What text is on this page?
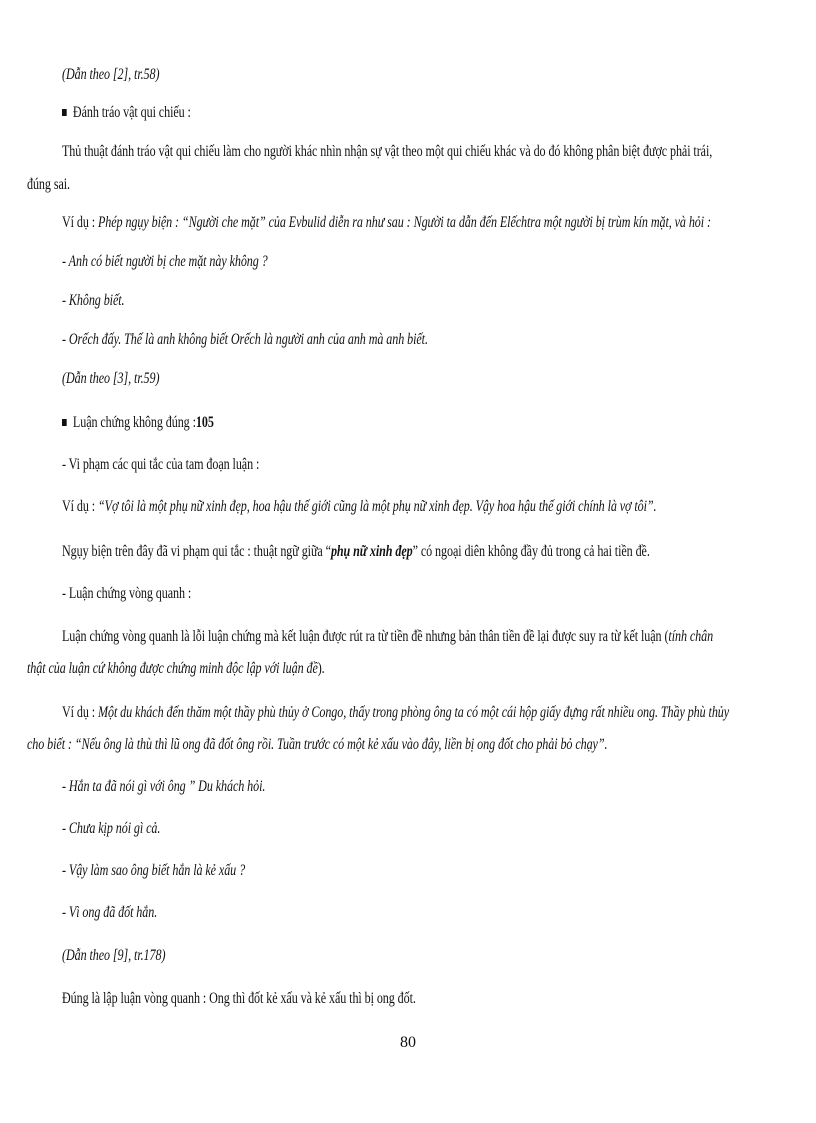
(Dẫn theo [2], tr.58)
Đánh tráo vật qui chiếu :
Thủ thuật đánh tráo vật qui chiếu làm cho người khác nhìn nhận sự vật theo một qui chiếu khác và do đó không phân biệt được phải trái,
đúng sai.
Ví dụ : Phép ngụy biện : “Người che mặt” của Evbulid diễn ra như sau : Người ta dẫn đến Elếchtra một người bị trùm kín mặt, và hỏi :
- Anh có biết người bị che mặt này không ?
- Không biết.
- Orếch đấy. Thế là anh không biết Orếch là người anh của anh mà anh biết.
(Dẫn theo [3], tr.59)
Luận chứng không đúng :105
- Vi phạm các qui tắc của tam đoạn luận :
Ví dụ : “Vợ tôi là một phụ nữ xinh đẹp, hoa hậu thế giới cũng là một phụ nữ xinh đẹp. Vậy hoa hậu thế giới chính là vợ tôi”.
Ngụy biện trên đây đã vi phạm qui tắc : thuật ngữ giữa “phụ nữ xinh đẹp” có ngoại diên không đầy đủ trong cả hai tiền đề.
- Luận chứng vòng quanh :
Luận chứng vòng quanh là lỗi luận chứng mà kết luận được rút ra từ tiền đề nhưng bản thân tiền đề lại được suy ra từ kết luận (tính chân
thật của luận cứ không được chứng minh độc lập với luận đề).
Ví dụ : Một du khách đến thăm một thầy phù thủy ở Congo, thấy trong phòng ông ta có một cái hộp giấy đựng rất nhiều ong. Thầy phù thủy
cho biết : “Nếu ông là thù thì lũ ong đã đốt ông rồi. Tuần trước có một kẻ xấu vào đây, liền bị ong đốt cho phải bỏ chạy”.
- Hắn ta đã nói gì với ông ” Du khách hỏi.
- Chưa kịp nói gì cả.
- Vậy làm sao ông biết hắn là kẻ xấu ?
- Vì ong đã đốt hắn.
(Dẫn theo [9], tr.178)
Đúng là lập luận vòng quanh : Ong thì đốt kẻ xấu và kẻ xấu thì bị ong đốt.
80
